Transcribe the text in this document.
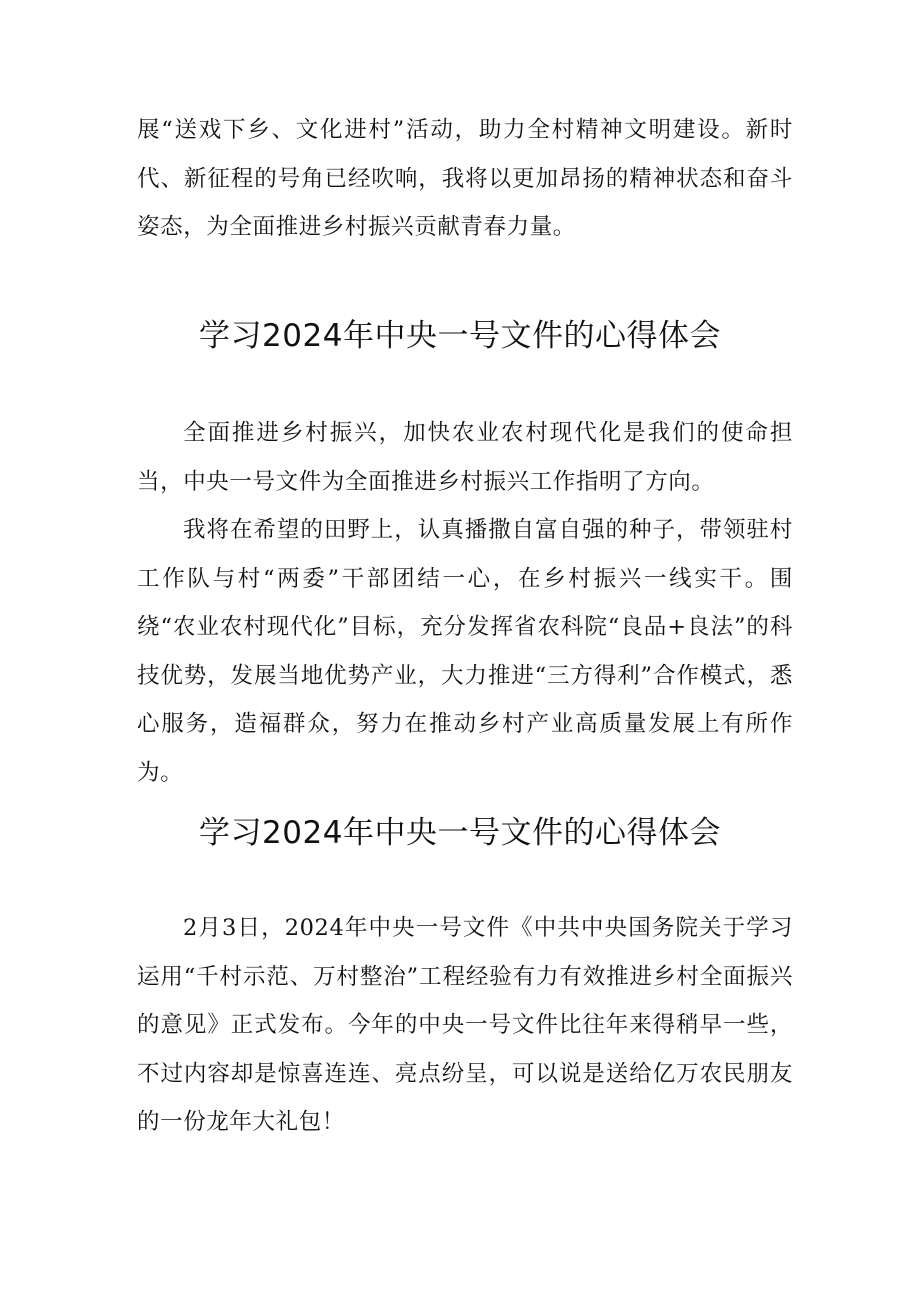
展“送戏下乡、文化进村”活动，助力全村精神文明建设。新时代、新征程的号角已经吹响，我将以更加昂扬的精神状态和奋斗姿态，为全面推进乡村振兴贡献青春力量。

学习2024年中央一号文件的心得体会

全面推进乡村振兴，加快农业农村现代化是我们的使命担当，中央一号文件为全面推进乡村振兴工作指明了方向。

我将在希望的田野上，认真播撒自富自强的种子，带领驻村工作队与村“两委”干部团结一心，在乡村振兴一线实干。围绕“农业农村现代化”目标，充分发挥省农科院“良品+良法”的科技优势，发展当地优势产业，大力推进“三方得利”合作模式，悉心服务，造福群众，努力在推动乡村产业高质量发展上有所作为。

学习2024年中央一号文件的心得体会

2月3日，2024年中央一号文件《中共中央国务院关于学习运用“千村示范、万村整治”工程经验有力有效推进乡村全面振兴的意见》正式发布。今年的中央一号文件比往年来得稍早一些，不过内容却是惊喜连连、亮点纷呈，可以说是送给亿万农民朋友的一份龙年大礼包！
